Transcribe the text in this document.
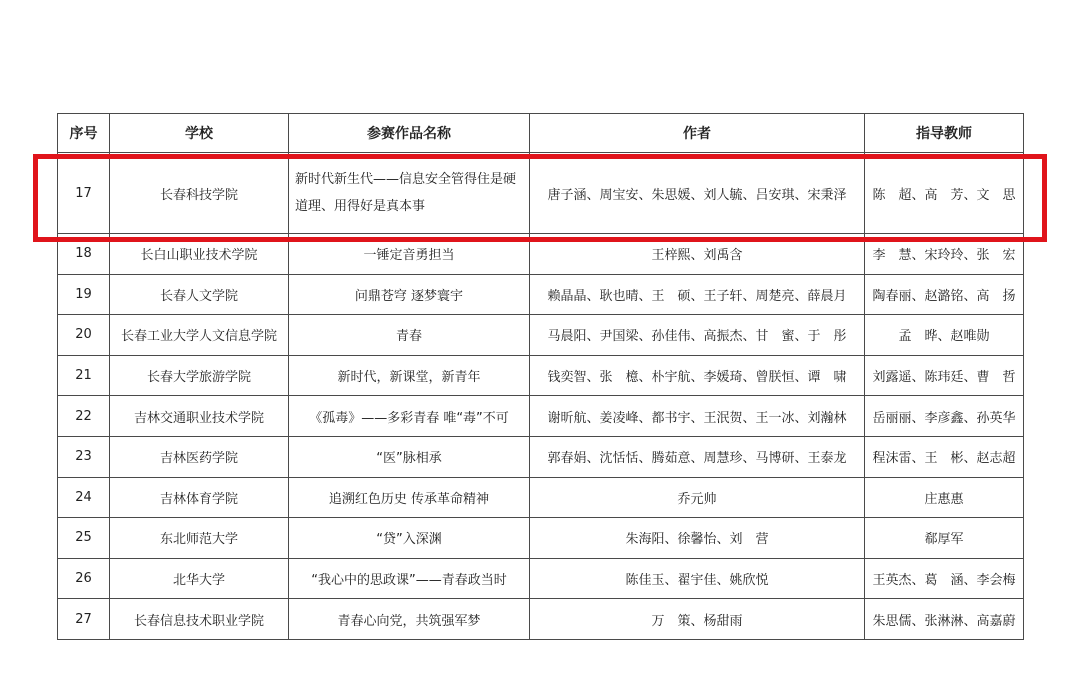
序号	学校	参赛作品名称	作者	指导教师
17	长春科技学院	新时代新生代——信息安全管得住是硬道理、用得好是真本事	唐子涵、周宝安、朱思媛、刘人毓、吕安琪、宋秉泽	陈　超、高　芳、文　思
18	长白山职业技术学院	一锤定音勇担当	王梓熙、刘禹含	李　慧、宋玲玲、张　宏
19	长春人文学院	问鼎苍穹 逐梦寰宇	赖晶晶、耿也晴、王　硕、王子轩、周楚亮、薛晨月	陶春丽、赵潞铭、高　扬
20	长春工业大学人文信息学院	青春	马晨阳、尹国梁、孙佳伟、高振杰、甘　蜜、于　彤	孟　晔、赵唯勋
21	长春大学旅游学院	新时代，新课堂，新青年	钱奕智、张　檍、朴宇航、李媛琦、曾朕恒、谭　啸	刘露遥、陈玮廷、曹　哲
22	吉林交通职业技术学院	《孤毒》——多彩青春 唯“毒”不可	谢昕航、姜凌峰、都书宇、王泯贺、王一冰、刘瀚林	岳丽丽、李彦鑫、孙英华
23	吉林医药学院	“医”脉相承	郭春娟、沈恬恬、腾茹意、周慧珍、马博研、王泰龙	程沫雷、王　彬、赵志超
24	吉林体育学院	追溯红色历史 传承革命精神	乔元帅	庄惠惠
25	东北师范大学	“贷”入深渊	朱海阳、徐馨怡、刘　营	郗厚军
26	北华大学	“我心中的思政课”——青春政当时	陈佳玉、翟宇佳、姚欣悦	王英杰、葛　涵、李会梅
27	长春信息技术职业学院	青春心向党，共筑强军梦	万　策、杨甜雨	朱思儒、张淋淋、高嘉蔚
